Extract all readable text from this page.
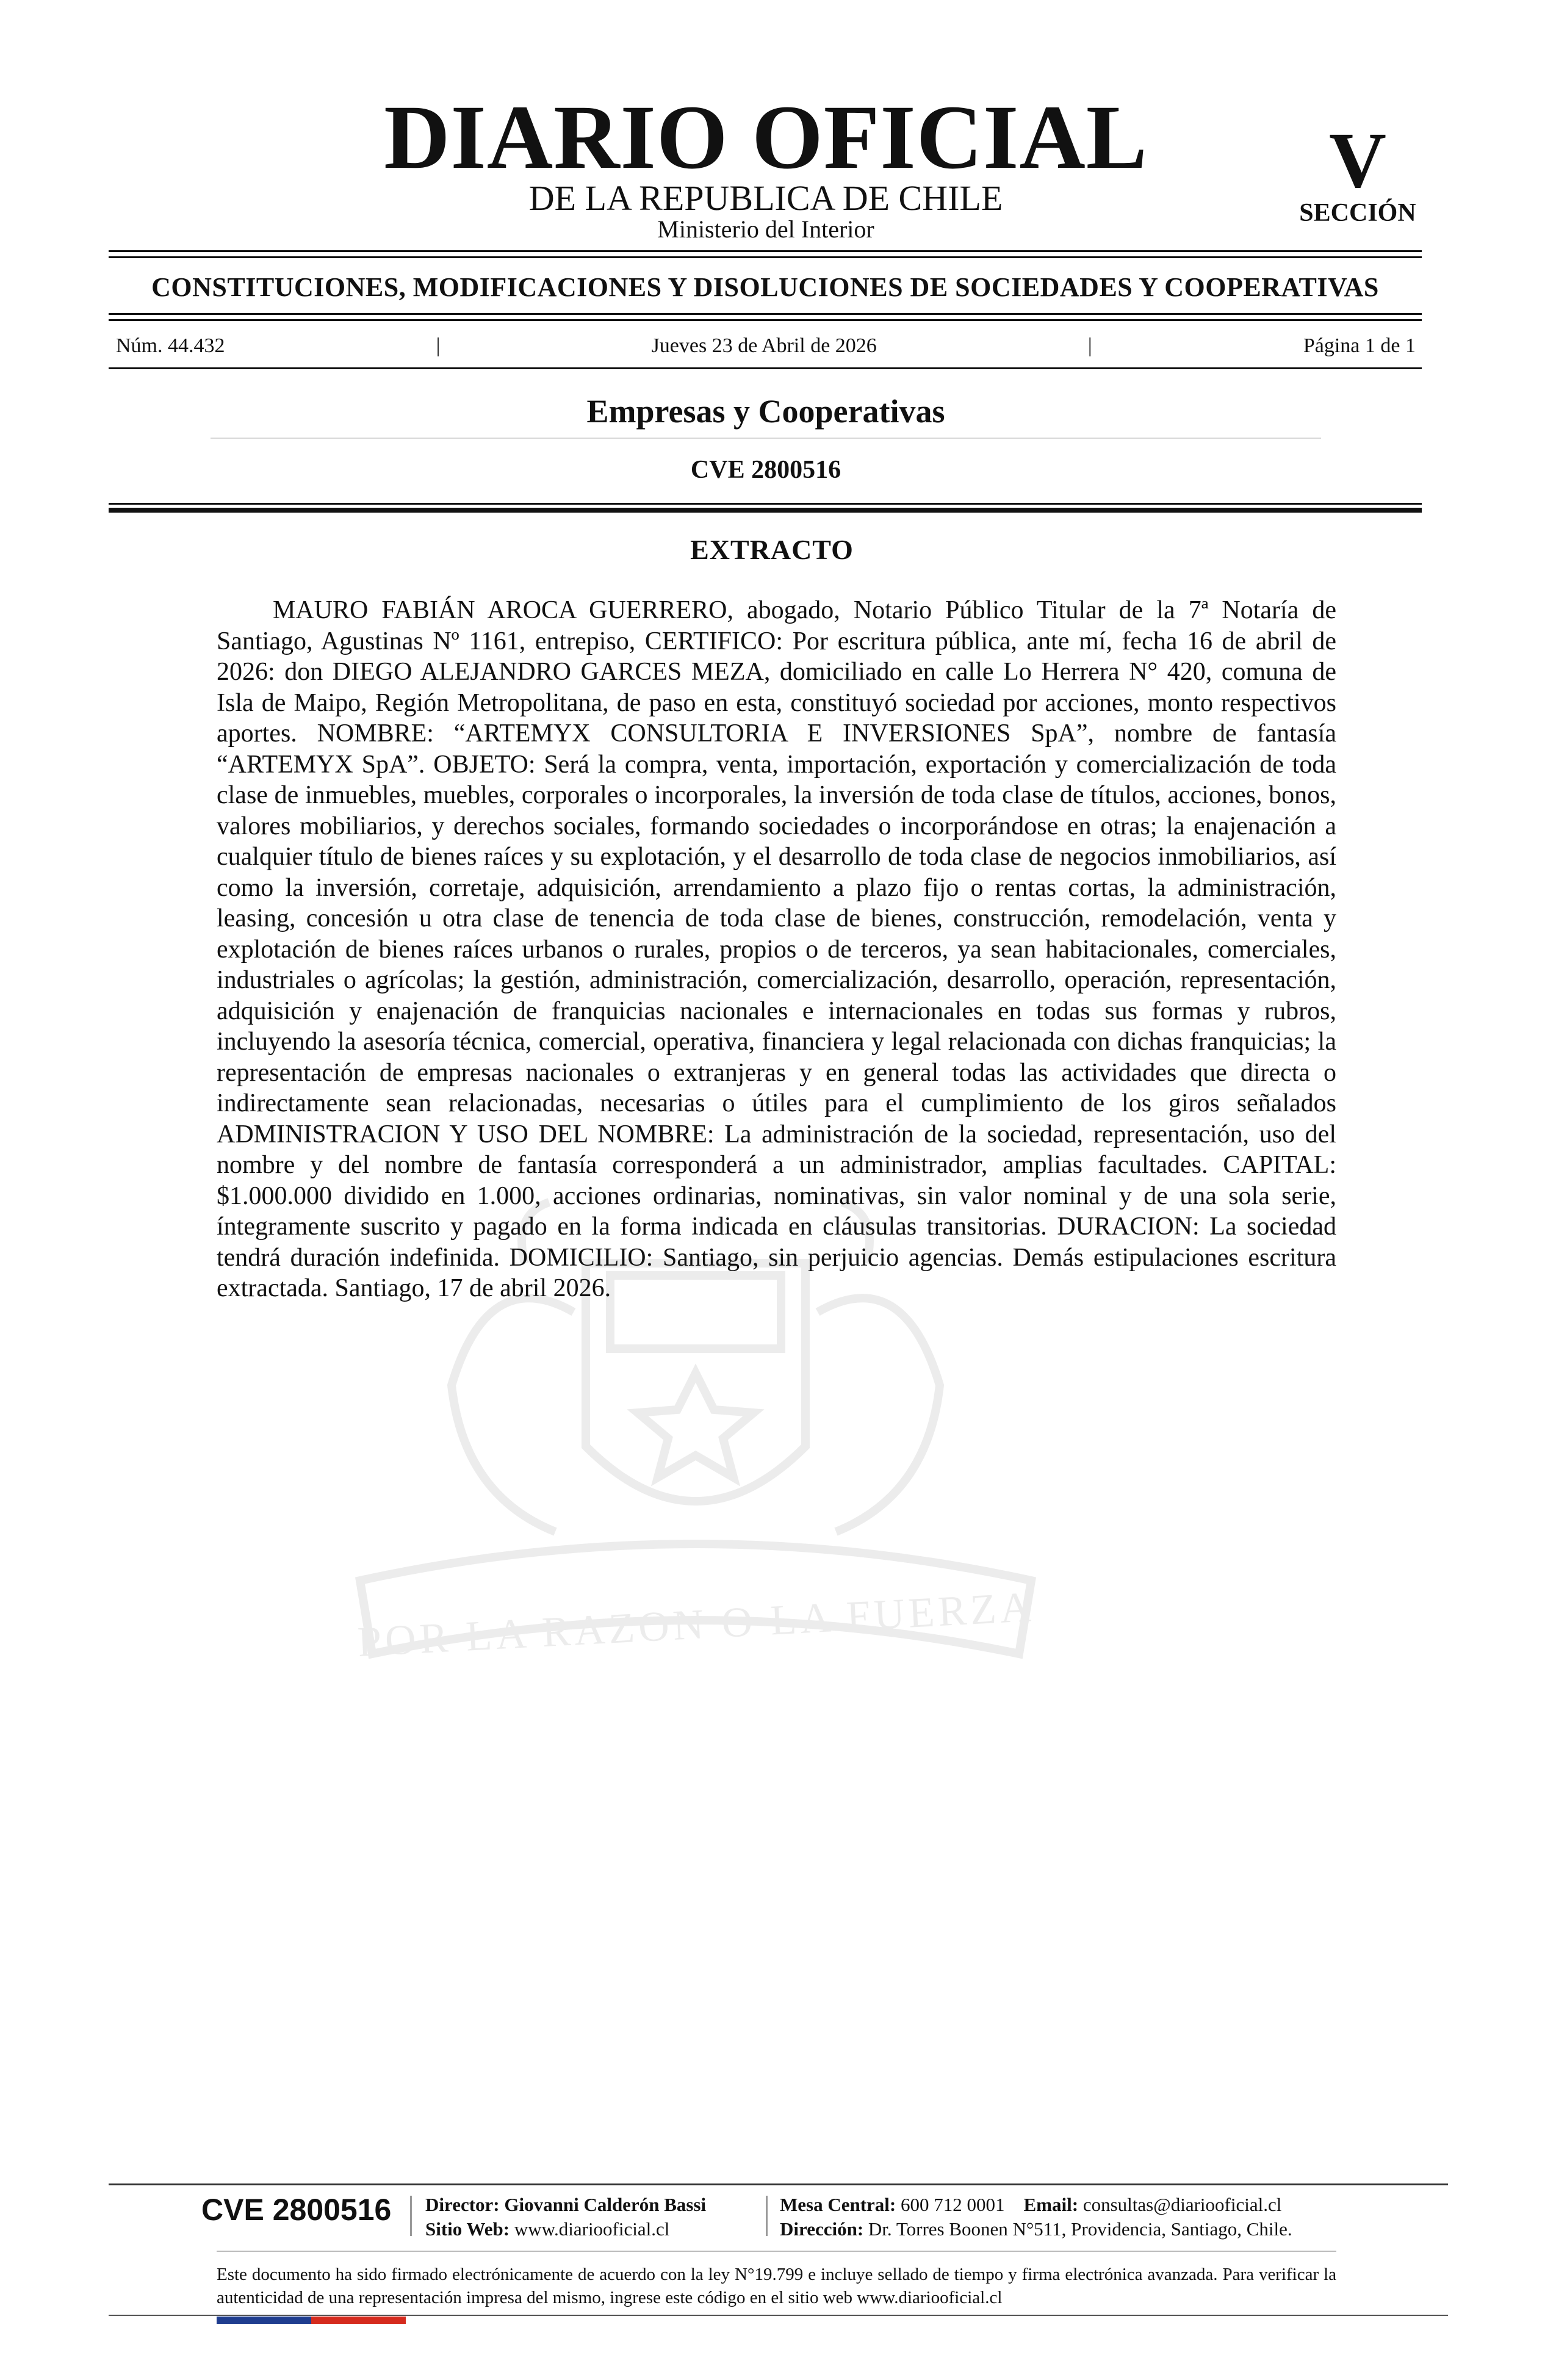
DIARIO OFICIAL
DE LA REPUBLICA DE CHILE
Ministerio del Interior
V
SECCIÓN
CONSTITUCIONES, MODIFICACIONES Y DISOLUCIONES DE SOCIEDADES Y COOPERATIVAS
Núm. 44.432	|	Jueves 23 de Abril de 2026	|	Página 1 de 1
Empresas y Cooperativas
CVE 2800516
POR LA RAZON O LA FUERZA
EXTRACTO
MAURO FABIÁN AROCA GUERRERO, abogado, Notario Público Titular de la 7ª Notaría de Santiago, Agustinas Nº 1161, entrepiso, CERTIFICO: Por escritura pública, ante mí, fecha 16 de abril de 2026: don DIEGO ALEJANDRO GARCES MEZA, domiciliado en calle Lo Herrera N° 420, comuna de Isla de Maipo, Región Metropolitana, de paso en esta, constituyó sociedad por acciones, monto respectivos aportes. NOMBRE: “ARTEMYX CONSULTORIA E INVERSIONES SpA”, nombre de fantasía “ARTEMYX SpA”. OBJETO: Será la compra, venta, importación, exportación y comercialización de toda clase de inmuebles, muebles, corporales o incorporales, la inversión de toda clase de títulos, acciones, bonos, valores mobiliarios, y derechos sociales, formando sociedades o incorporándose en otras; la enajenación a cualquier título de bienes raíces y su explotación, y el desarrollo de toda clase de negocios inmobiliarios, así como la inversión, corretaje, adquisición, arrendamiento a plazo fijo o rentas cortas, la administración, leasing, concesión u otra clase de tenencia de toda clase de bienes, construcción, remodelación, venta y explotación de bienes raíces urbanos o rurales, propios o de terceros, ya sean habitacionales, comerciales, industriales o agrícolas; la gestión, administración, comercialización, desarrollo, operación, representación, adquisición y enajenación de franquicias nacionales e internacionales en todas sus formas y rubros, incluyendo la asesoría técnica, comercial, operativa, financiera y legal relacionada con dichas franquicias; la representación de empresas nacionales o extranjeras y en general todas las actividades que directa o indirectamente sean relacionadas, necesarias o útiles para el cumplimiento de los giros señalados ADMINISTRACION Y USO DEL NOMBRE: La administración de la sociedad, representación, uso del nombre y del nombre de fantasía corresponderá a un administrador, amplias facultades. CAPITAL: $1.000.000 dividido en 1.000, acciones ordinarias, nominativas, sin valor nominal y de una sola serie, íntegramente suscrito y pagado en la forma indicada en cláusulas transitorias. DURACION: La sociedad tendrá duración indefinida. DOMICILIO: Santiago, sin perjuicio agencias. Demás estipulaciones escritura extractada. Santiago, 17 de abril 2026.
CVE 2800516 Director: Giovanni Calderón Bassi
Sitio Web: www.diariooficial.cl
Mesa Central: 600 712 0001 Email: consultas@diariooficial.cl
Dirección: Dr. Torres Boonen N°511, Providencia, Santiago, Chile.
Este documento ha sido firmado electrónicamente de acuerdo con la ley N°19.799 e incluye sellado de tiempo y firma electrónica avanzada. Para verificar la autenticidad de una representación impresa del mismo, ingrese este código en el sitio web www.diariooficial.cl
